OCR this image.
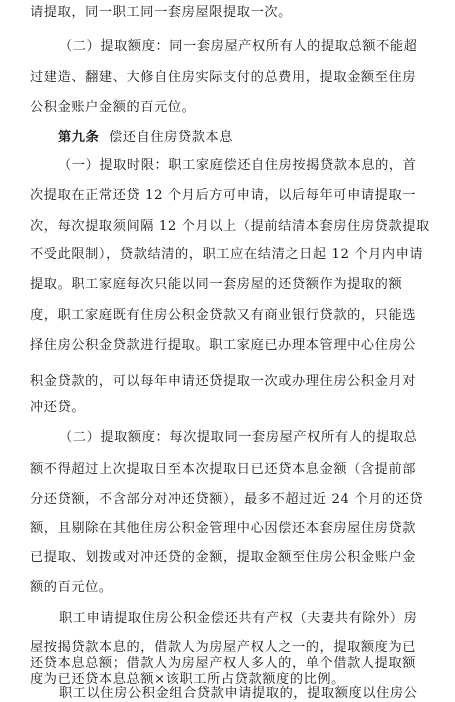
请提取，同一职工同一套房屋限提取一次。
（二）提取额度：同一套房屋产权所有人的提取总额不能超
过建造、翻建、大修自住房实际支付的总费用，提取金额至住房
公积金账户金额的百元位。
第九条 偿还自住房贷款本息
（一）提取时限：职工家庭偿还自住房按揭贷款本息的，首
次提取在正常还贷 12 个月后方可申请，以后每年可申请提取一
次，每次提取须间隔 12 个月以上（提前结清本套房住房贷款提取
不受此限制），贷款结清的，职工应在结清之日起 12 个月内申请
提取。职工家庭每次只能以同一套房屋的还贷额作为提取的额
度，职工家庭既有住房公积金贷款又有商业银行贷款的，只能选
择住房公积金贷款进行提取。职工家庭已办理本管理中心住房公
积金贷款的，可以每年申请还贷提取一次或办理住房公积金月对
冲还贷。
（二）提取额度：每次提取同一套房屋产权所有人的提取总
额不得超过上次提取日至本次提取日已还贷本息金额（含提前部
分还贷额，不含部分对冲还贷额），最多不超过近 24 个月的还贷
额，且剔除在其他住房公积金管理中心因偿还本套房屋住房贷款
已提取、划拨或对冲还贷的金额，提取金额至住房公积金账户金
额的百元位。
职工申请提取住房公积金偿还共有产权（夫妻共有除外）房
屋按揭贷款本息的，借款人为房屋产权人之一的，提取额度为已
还贷本息总额；借款人为房屋产权人多人的，单个借款人提取额
度为已还贷本息总额×该职工所占贷款额度的比例。
职工以住房公积金组合贷款申请提取的，提取额度以住房公
